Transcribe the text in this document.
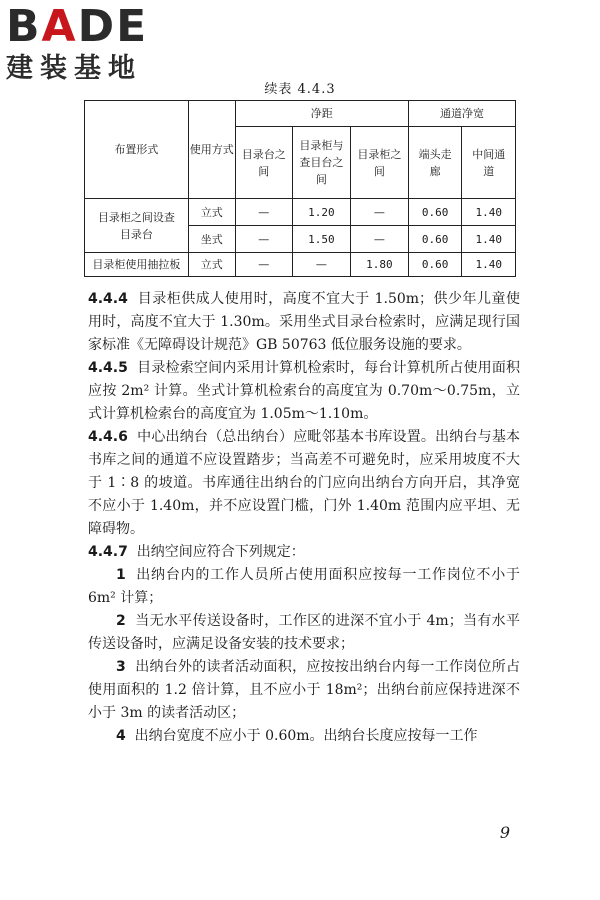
BADE
建装基地
续表 4.4.3
布置形式	使用方式	净距			通道净宽	
		目录台之间	目录柜与查目台之间	目录柜之间	端头走廊	中间通道
目录柜之间设查目录台	立式	—	1.20	—	0.60	1.40
	坐式	—	1.50	—	0.60	1.40
目录柜使用抽拉板	立式	—	—	1.80	0.60	1.40

4.4.4 目录柜供成人使用时，高度不宜大于 1.50m；供少年儿童使用时，高度不宜大于 1.30m。采用坐式目录台检索时，应满足现行国家标准《无障碍设计规范》GB 50763 低位服务设施的要求。

4.4.5 目录检索空间内采用计算机检索时，每台计算机所占使用面积应按 2m² 计算。坐式计算机检索台的高度宜为 0.70m～0.75m，立式计算机检索台的高度宜为 1.05m～1.10m。

4.4.6 中心出纳台（总出纳台）应毗邻基本书库设置。出纳台与基本书库之间的通道不应设置踏步；当高差不可避免时，应采用坡度不大于 1∶8 的坡道。书库通往出纳台的门应向出纳台方向开启，其净宽不应小于 1.40m，并不应设置门槛，门外 1.40m 范围内应平坦、无障碍物。

4.4.7 出纳空间应符合下列规定：

1 出纳台内的工作人员所占使用面积应按每一工作岗位不小于 6m² 计算；

2 当无水平传送设备时，工作区的进深不宜小于 4m；当有水平传送设备时，应满足设备安装的技术要求；

3 出纳台外的读者活动面积，应按按出纳台内每一工作岗位所占使用面积的 1.2 倍计算，且不应小于 18m²；出纳台前应保持进深不小于 3m 的读者活动区；

4 出纳台宽度不应小于 0.60m。出纳台长度应按每一工作

9
